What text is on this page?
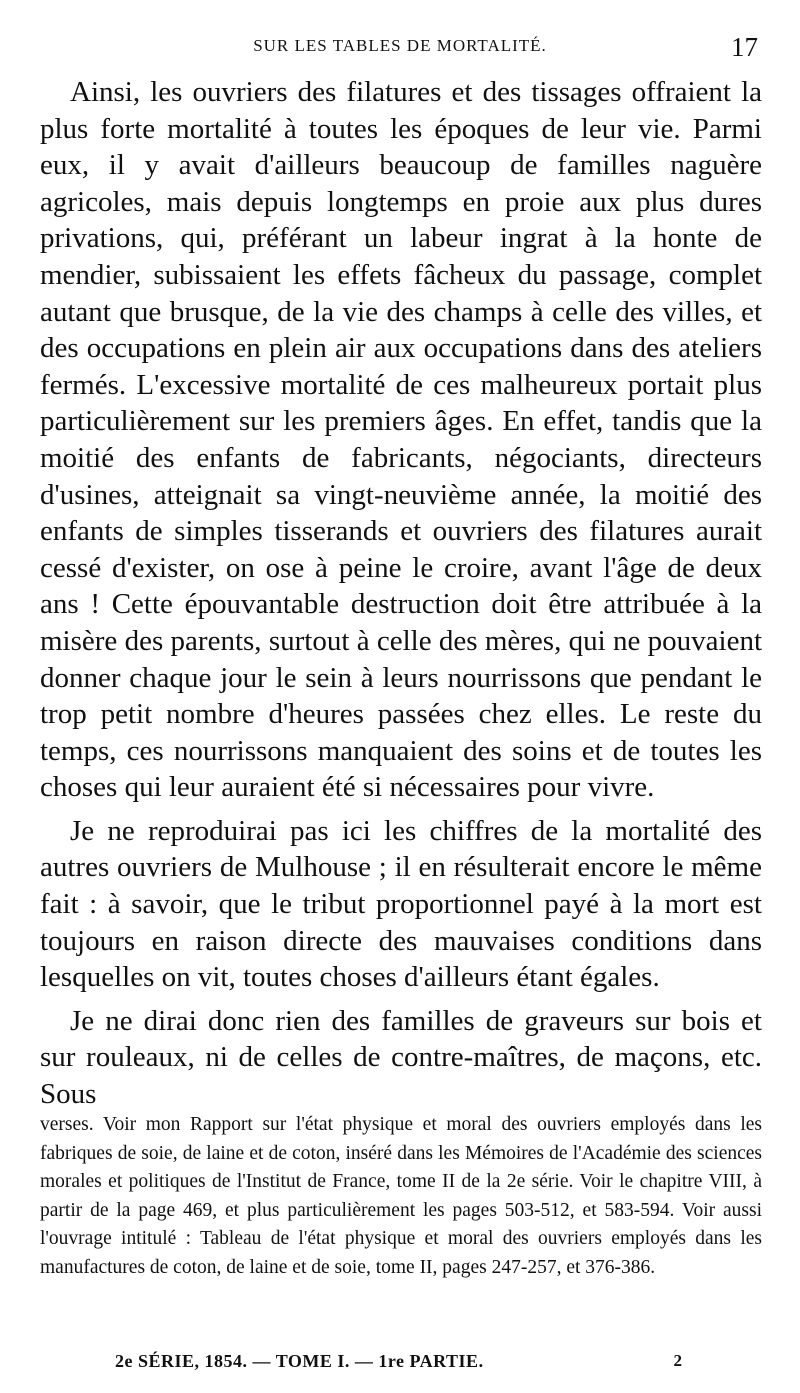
SUR LES TABLES DE MORTALITÉ.	17

Ainsi, les ouvriers des filatures et des tissages offraient la plus forte mortalité à toutes les époques de leur vie. Parmi eux, il y avait d'ailleurs beaucoup de familles naguère agricoles, mais depuis longtemps en proie aux plus dures privations, qui, préférant un labeur ingrat à la honte de mendier, subissaient les effets fâcheux du passage, complet autant que brusque, de la vie des champs à celle des villes, et des occupations en plein air aux occupations dans des ateliers fermés. L'excessive mortalité de ces malheureux portait plus particulièrement sur les premiers âges. En effet, tandis que la moitié des enfants de fabricants, négociants, directeurs d'usines, atteignait sa vingt-neuvième année, la moitié des enfants de simples tisserands et ouvriers des filatures aurait cessé d'exister, on ose à peine le croire, avant l'âge de deux ans ! Cette épouvantable destruction doit être attribuée à la misère des parents, surtout à celle des mères, qui ne pouvaient donner chaque jour le sein à leurs nourrissons que pendant le trop petit nombre d'heures passées chez elles. Le reste du temps, ces nourrissons manquaient des soins et de toutes les choses qui leur auraient été si nécessaires pour vivre.

Je ne reproduirai pas ici les chiffres de la mortalité des autres ouvriers de Mulhouse ; il en résulterait encore le même fait : à savoir, que le tribut proportionnel payé à la mort est toujours en raison directe des mauvaises conditions dans lesquelles on vit, toutes choses d'ailleurs étant égales.

Je ne dirai donc rien des familles de graveurs sur bois et sur rouleaux, ni de celles de contre-maîtres, de maçons, etc. Sous

verses. Voir mon Rapport sur l'état physique et moral des ouvriers employés dans les fabriques de soie, de laine et de coton, inséré dans les Mémoires de l'Académie des sciences morales et politiques de l'Institut de France, tome II de la 2e série. Voir le chapitre VIII, à partir de la page 469, et plus particulièrement les pages 503-512, et 583-594. Voir aussi l'ouvrage intitulé : Tableau de l'état physique et moral des ouvriers employés dans les manufactures de coton, de laine et de soie, tome II, pages 247-257, et 376-386.

2e SÉRIE, 1854. — TOME I. — 1re PARTIE.	2
